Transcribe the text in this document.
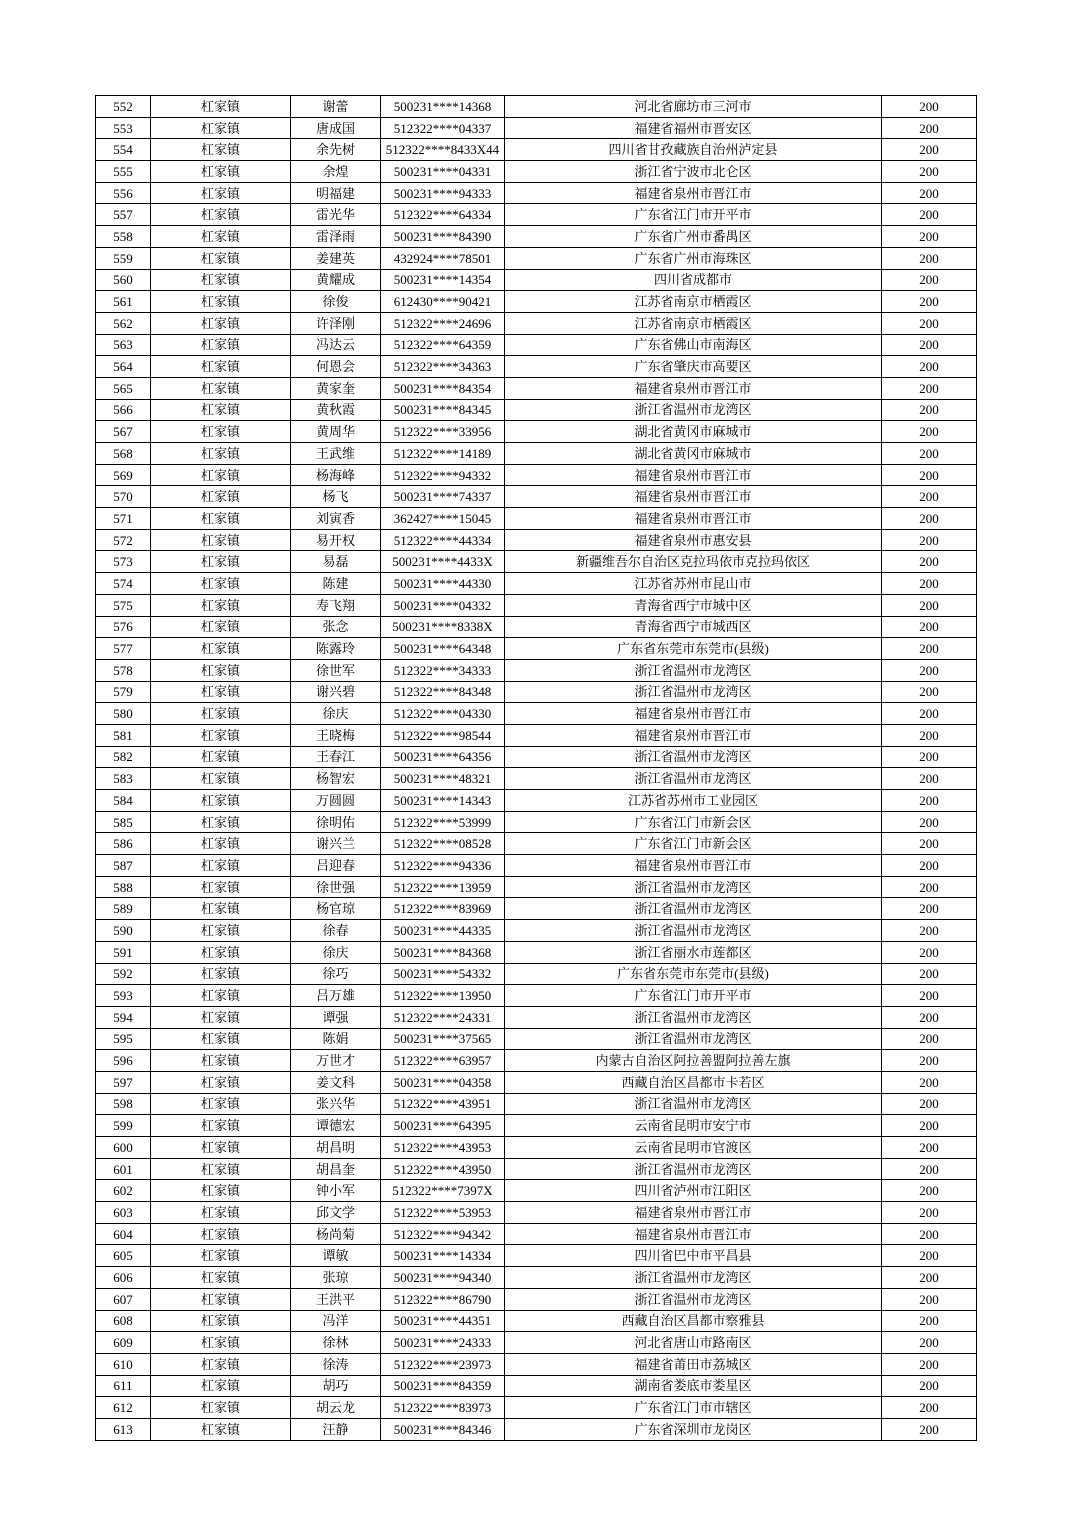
552	杠家镇	谢蕾	500231****14368	河北省廊坊市三河市	200
553	杠家镇	唐成国	512322****04337	福建省福州市晋安区	200
554	杠家镇	余先树	512322****8433X44	四川省甘孜藏族自治州泸定县	200
555	杠家镇	余煌	500231****04331	浙江省宁波市北仑区	200
556	杠家镇	明福建	500231****94333	福建省泉州市晋江市	200
557	杠家镇	雷光华	512322****64334	广东省江门市开平市	200
558	杠家镇	雷泽雨	500231****84390	广东省广州市番禺区	200
559	杠家镇	姜建英	432924****78501	广东省广州市海珠区	200
560	杠家镇	黄耀成	500231****14354	四川省成都市	200
561	杠家镇	徐俊	612430****90421	江苏省南京市栖霞区	200
562	杠家镇	许泽刚	512322****24696	江苏省南京市栖霞区	200
563	杠家镇	冯达云	512322****64359	广东省佛山市南海区	200
564	杠家镇	何恩会	512322****34363	广东省肇庆市高要区	200
565	杠家镇	黄家奎	500231****84354	福建省泉州市晋江市	200
566	杠家镇	黄秋霞	500231****84345	浙江省温州市龙湾区	200
567	杠家镇	黄周华	512322****33956	湖北省黄冈市麻城市	200
568	杠家镇	王武维	512322****14189	湖北省黄冈市麻城市	200
569	杠家镇	杨海峰	512322****94332	福建省泉州市晋江市	200
570	杠家镇	杨飞	500231****74337	福建省泉州市晋江市	200
571	杠家镇	刘寅香	362427****15045	福建省泉州市晋江市	200
572	杠家镇	易开权	512322****44334	福建省泉州市惠安县	200
573	杠家镇	易磊	500231****4433X	新疆维吾尔自治区克拉玛依市克拉玛依区	200
574	杠家镇	陈建	500231****44330	江苏省苏州市昆山市	200
575	杠家镇	寿飞翔	500231****04332	青海省西宁市城中区	200
576	杠家镇	张念	500231****8338X	青海省西宁市城西区	200
577	杠家镇	陈露玲	500231****64348	广东省东莞市东莞市(县级)	200
578	杠家镇	徐世军	512322****34333	浙江省温州市龙湾区	200
579	杠家镇	谢兴碧	512322****84348	浙江省温州市龙湾区	200
580	杠家镇	徐庆	512322****04330	福建省泉州市晋江市	200
581	杠家镇	王晓梅	512322****98544	福建省泉州市晋江市	200
582	杠家镇	王春江	500231****64356	浙江省温州市龙湾区	200
583	杠家镇	杨智宏	500231****48321	浙江省温州市龙湾区	200
584	杠家镇	万圆圆	500231****14343	江苏省苏州市工业园区	200
585	杠家镇	徐明佑	512322****53999	广东省江门市新会区	200
586	杠家镇	谢兴兰	512322****08528	广东省江门市新会区	200
587	杠家镇	吕迎春	512322****94336	福建省泉州市晋江市	200
588	杠家镇	徐世强	512322****13959	浙江省温州市龙湾区	200
589	杠家镇	杨官琼	512322****83969	浙江省温州市龙湾区	200
590	杠家镇	徐春	500231****44335	浙江省温州市龙湾区	200
591	杠家镇	徐庆	500231****84368	浙江省丽水市莲都区	200
592	杠家镇	徐巧	500231****54332	广东省东莞市东莞市(县级)	200
593	杠家镇	吕万雄	512322****13950	广东省江门市开平市	200
594	杠家镇	谭强	512322****24331	浙江省温州市龙湾区	200
595	杠家镇	陈娟	500231****37565	浙江省温州市龙湾区	200
596	杠家镇	万世才	512322****63957	内蒙古自治区阿拉善盟阿拉善左旗	200
597	杠家镇	姜文科	500231****04358	西藏自治区昌都市卡若区	200
598	杠家镇	张兴华	512322****43951	浙江省温州市龙湾区	200
599	杠家镇	谭德宏	500231****64395	云南省昆明市安宁市	200
600	杠家镇	胡昌明	512322****43953	云南省昆明市官渡区	200
601	杠家镇	胡昌奎	512322****43950	浙江省温州市龙湾区	200
602	杠家镇	钟小军	512322****7397X	四川省泸州市江阳区	200
603	杠家镇	邱文学	512322****53953	福建省泉州市晋江市	200
604	杠家镇	杨尚菊	512322****94342	福建省泉州市晋江市	200
605	杠家镇	谭敏	500231****14334	四川省巴中市平昌县	200
606	杠家镇	张琼	500231****94340	浙江省温州市龙湾区	200
607	杠家镇	王洪平	512322****86790	浙江省温州市龙湾区	200
608	杠家镇	冯洋	500231****44351	西藏自治区昌都市察雅县	200
609	杠家镇	徐林	500231****24333	河北省唐山市路南区	200
610	杠家镇	徐涛	512322****23973	福建省莆田市荔城区	200
611	杠家镇	胡巧	500231****84359	湖南省娄底市娄星区	200
612	杠家镇	胡云龙	512322****83973	广东省江门市市辖区	200
613	杠家镇	汪静	500231****84346	广东省深圳市龙岗区	200
